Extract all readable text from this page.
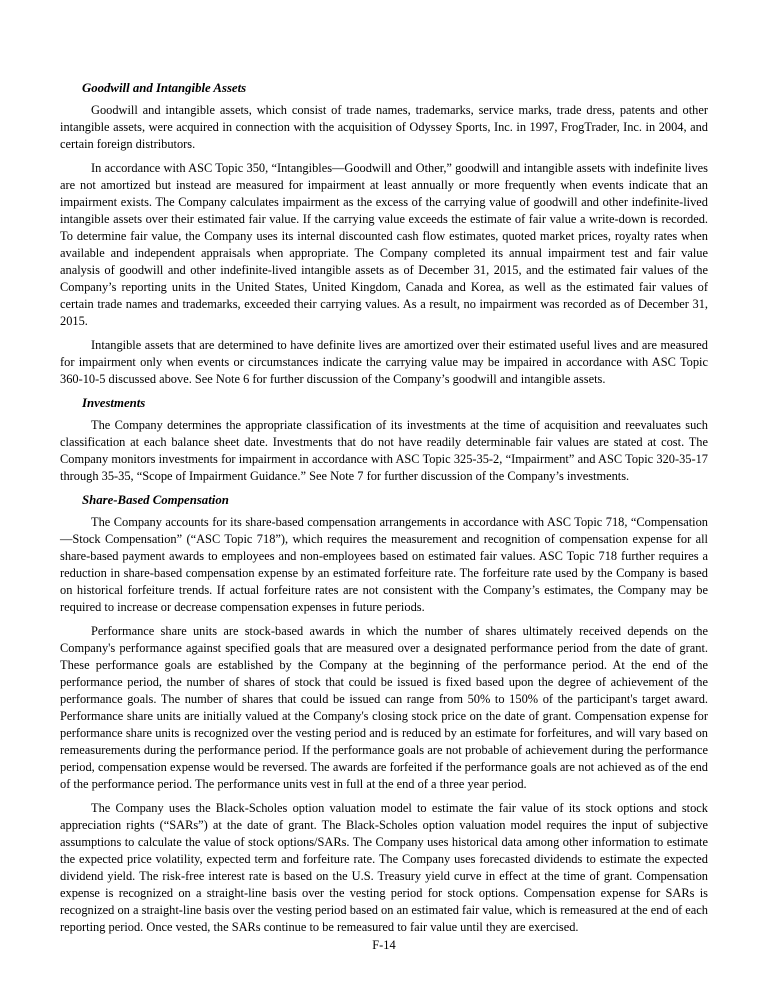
Goodwill and Intangible Assets

Goodwill and intangible assets, which consist of trade names, trademarks, service marks, trade dress, patents and other intangible assets, were acquired in connection with the acquisition of Odyssey Sports, Inc. in 1997, FrogTrader, Inc. in 2004, and certain foreign distributors.

In accordance with ASC Topic 350, “Intangibles—Goodwill and Other,” goodwill and intangible assets with indefinite lives are not amortized but instead are measured for impairment at least annually or more frequently when events indicate that an impairment exists. The Company calculates impairment as the excess of the carrying value of goodwill and other indefinite-lived intangible assets over their estimated fair value. If the carrying value exceeds the estimate of fair value a write-down is recorded. To determine fair value, the Company uses its internal discounted cash flow estimates, quoted market prices, royalty rates when available and independent appraisals when appropriate. The Company completed its annual impairment test and fair value analysis of goodwill and other indefinite-lived intangible assets as of December 31, 2015, and the estimated fair values of the Company’s reporting units in the United States, United Kingdom, Canada and Korea, as well as the estimated fair values of certain trade names and trademarks, exceeded their carrying values. As a result, no impairment was recorded as of December 31, 2015.

Intangible assets that are determined to have definite lives are amortized over their estimated useful lives and are measured for impairment only when events or circumstances indicate the carrying value may be impaired in accordance with ASC Topic 360-10-5 discussed above. See Note 6 for further discussion of the Company’s goodwill and intangible assets.

Investments

The Company determines the appropriate classification of its investments at the time of acquisition and reevaluates such classification at each balance sheet date. Investments that do not have readily determinable fair values are stated at cost. The Company monitors investments for impairment in accordance with ASC Topic 325-35-2, “Impairment” and ASC Topic 320-35-17 through 35-35, “Scope of Impairment Guidance.” See Note 7 for further discussion of the Company’s investments.

Share-Based Compensation

The Company accounts for its share-based compensation arrangements in accordance with ASC Topic 718, “Compensation—Stock Compensation” (“ASC Topic 718”), which requires the measurement and recognition of compensation expense for all share-based payment awards to employees and non-employees based on estimated fair values. ASC Topic 718 further requires a reduction in share-based compensation expense by an estimated forfeiture rate. The forfeiture rate used by the Company is based on historical forfeiture trends. If actual forfeiture rates are not consistent with the Company’s estimates, the Company may be required to increase or decrease compensation expenses in future periods.

Performance share units are stock-based awards in which the number of shares ultimately received depends on the Company's performance against specified goals that are measured over a designated performance period from the date of grant. These performance goals are established by the Company at the beginning of the performance period. At the end of the performance period, the number of shares of stock that could be issued is fixed based upon the degree of achievement of the performance goals. The number of shares that could be issued can range from 50% to 150% of the participant's target award. Performance share units are initially valued at the Company's closing stock price on the date of grant. Compensation expense for performance share units is recognized over the vesting period and is reduced by an estimate for forfeitures, and will vary based on remeasurements during the performance period. If the performance goals are not probable of achievement during the performance period, compensation expense would be reversed. The awards are forfeited if the performance goals are not achieved as of the end of the performance period. The performance units vest in full at the end of a three year period.

The Company uses the Black-Scholes option valuation model to estimate the fair value of its stock options and stock appreciation rights (“SARs”) at the date of grant. The Black-Scholes option valuation model requires the input of subjective assumptions to calculate the value of stock options/SARs. The Company uses historical data among other information to estimate the expected price volatility, expected term and forfeiture rate. The Company uses forecasted dividends to estimate the expected dividend yield. The risk-free interest rate is based on the U.S. Treasury yield curve in effect at the time of grant. Compensation expense is recognized on a straight-line basis over the vesting period for stock options. Compensation expense for SARs is recognized on a straight-line basis over the vesting period based on an estimated fair value, which is remeasured at the end of each reporting period. Once vested, the SARs continue to be remeasured to fair value until they are exercised.

F-14
